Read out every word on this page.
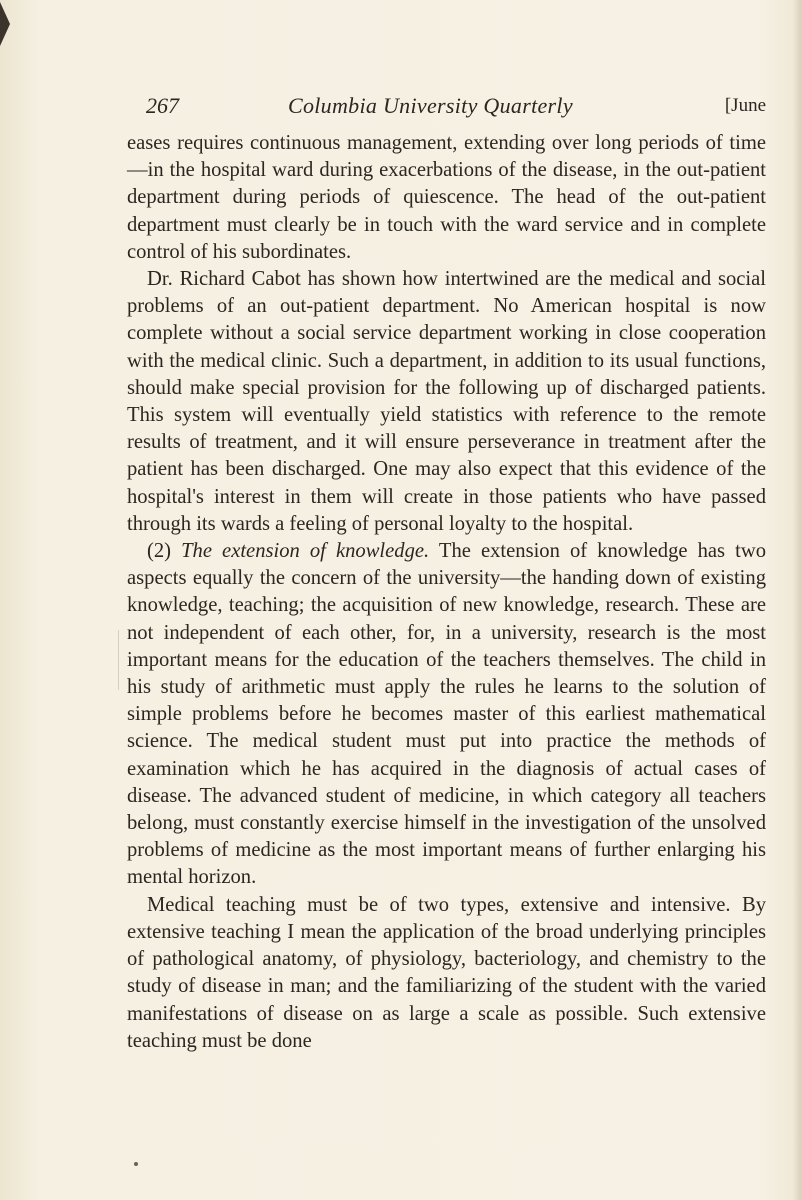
267	Columbia University Quarterly	[June

eases requires continuous management, extending over long periods of time—in the hospital ward during exacerbations of the disease, in the out-patient department during periods of quiescence. The head of the out-patient department must clearly be in touch with the ward service and in complete control of his subordinates.

Dr. Richard Cabot has shown how intertwined are the medical and social problems of an out-patient department. No American hospital is now complete without a social service department working in close cooperation with the medical clinic. Such a department, in addition to its usual functions, should make special provision for the following up of discharged patients. This system will eventually yield statistics with reference to the remote results of treatment, and it will ensure perseverance in treatment after the patient has been discharged. One may also expect that this evidence of the hospital's interest in them will create in those patients who have passed through its wards a feeling of personal loyalty to the hospital.

(2) The extension of knowledge. The extension of knowledge has two aspects equally the concern of the university—the handing down of existing knowledge, teaching; the acquisition of new knowledge, research. These are not independent of each other, for, in a university, research is the most important means for the education of the teachers themselves. The child in his study of arithmetic must apply the rules he learns to the solution of simple problems before he becomes master of this earliest mathematical science. The medical student must put into practice the methods of examination which he has acquired in the diagnosis of actual cases of disease. The advanced student of medicine, in which category all teachers belong, must constantly exercise himself in the investigation of the unsolved problems of medicine as the most important means of further enlarging his mental horizon.

Medical teaching must be of two types, extensive and intensive. By extensive teaching I mean the application of the broad underlying principles of pathological anatomy, of physiology, bacteriology, and chemistry to the study of disease in man; and the familiarizing of the student with the varied manifestations of disease on as large a scale as possible. Such extensive teaching must be done
